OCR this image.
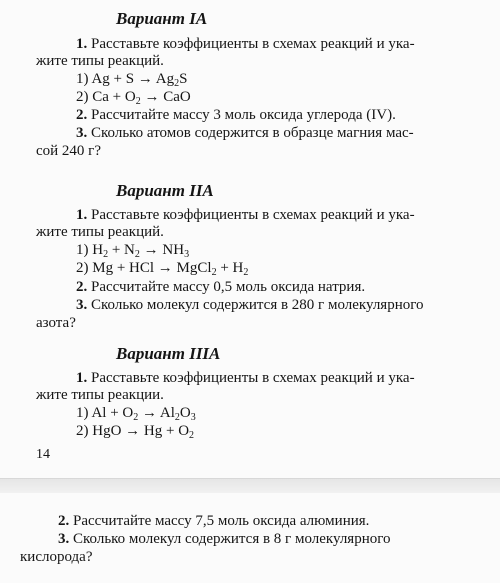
Вариант IA
1. Расставьте коэффициенты в схемах реакций и ука-
жите типы реакций.
1) $Ag + S \to Ag_2S$
2) $Ca + O_2$ → CaO
2. Рассчитайте массу 3 моль оксида углерода (IV).
3. Сколько атомов содержится в образце магния мас-
сой 240 г?
Вариант IIA
1. Расставьте коэффициенты в схемах реакций и ука-
жите типы реакций.
1) $H_2 + N_2 \to NH_3$
2) Mg + HCl → MgCl$_2$ + $H_2$
2. Рассчитайте массу 0,5 моль оксида натрия.
3. Сколько молекул содержится в 280 г молекулярного
азота?
Вариант IIIA
1. Расставьте коэффициенты в схемах реакций и ука-
жите типы реакции.
1) $Al + O_2 \to Al_2O_3$
2) HgO → $Hg + O_2$
14
2. Рассчитайте массу 7,5 моль оксида алюминия.
3. Сколько молекул содержится в 8 г молекулярного
кислорода?
